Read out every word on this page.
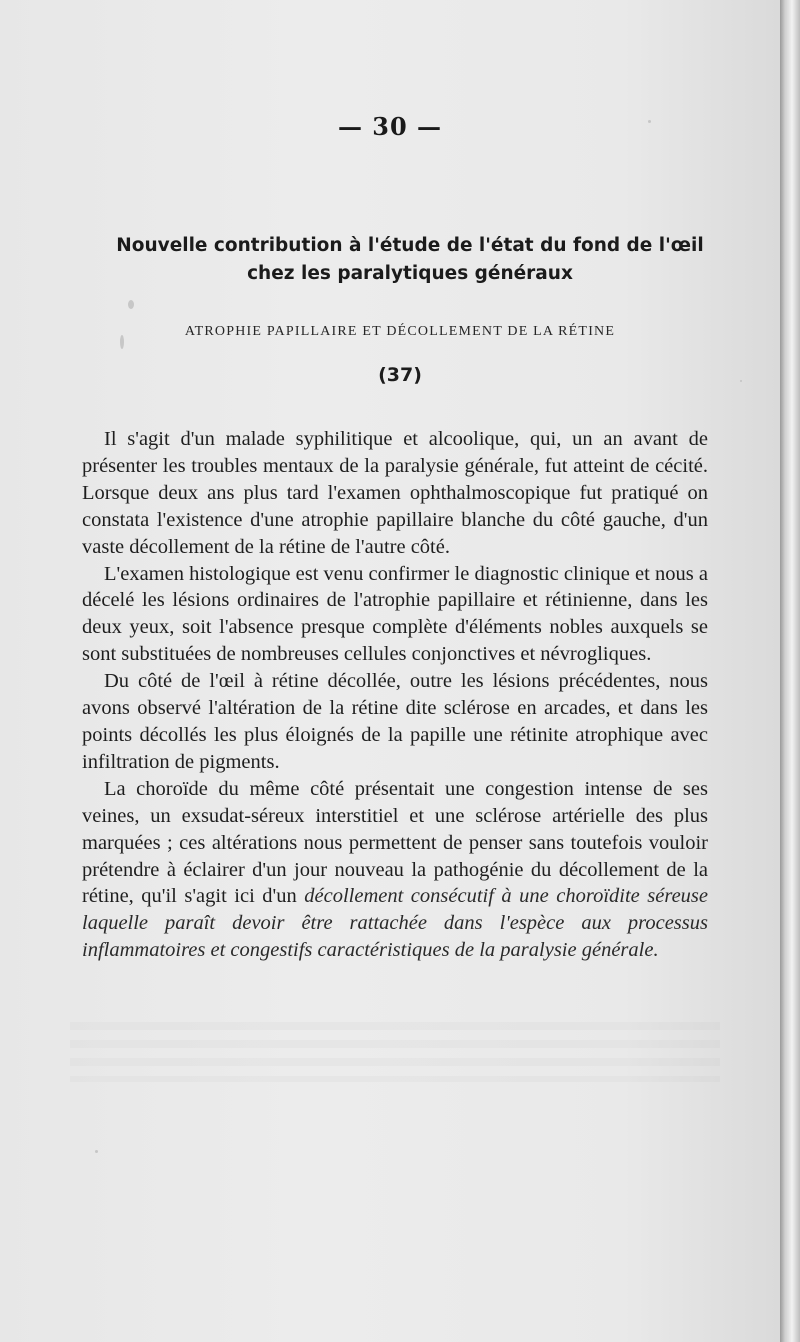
— 30 —
Nouvelle contribution à l'étude de l'état du fond de l'œil
chez les paralytiques généraux
ATROPHIE PAPILLAIRE ET DÉCOLLEMENT DE LA RÉTINE
(37)

Il s'agit d'un malade syphilitique et alcoolique, qui, un an avant de présenter les troubles mentaux de la paralysie générale, fut atteint de cécité. Lorsque deux ans plus tard l'examen ophthalmoscopique fut pratiqué on constata l'existence d'une atrophie papillaire blanche du côté gauche, d'un vaste décollement de la rétine de l'autre côté.

L'examen histologique est venu confirmer le diagnostic clinique et nous a décelé les lésions ordinaires de l'atrophie papillaire et rétinienne, dans les deux yeux, soit l'absence presque complète d'éléments nobles auxquels se sont substituées de nombreuses cellules conjonctives et névrogliques.

Du côté de l'œil à rétine décollée, outre les lésions précédentes, nous avons observé l'altération de la rétine dite sclérose en arcades, et dans les points décollés les plus éloignés de la papille une rétinite atrophique avec infiltration de pigments.

La choroïde du même côté présentait une congestion intense de ses veines, un exsudat-séreux interstitiel et une sclérose artérielle des plus marquées ; ces altérations nous permettent de penser sans toutefois vouloir prétendre à éclairer d'un jour nouveau la pathogénie du décollement de la rétine, qu'il s'agit ici d'un décollement consécutif à une choroïdite séreuse laquelle paraît devoir être rattachée dans l'espèce aux processus inflammatoires et congestifs caractéristiques de la paralysie générale.
